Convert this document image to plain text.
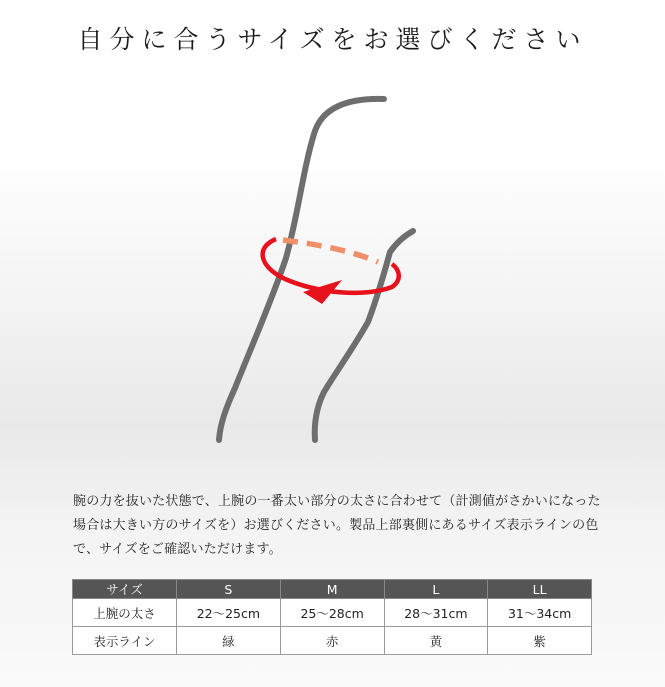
自分に合うサイズをお選びください
腕の力を抜いた状態で、上腕の一番太い部分の太さに合わせて（計測値がさかいになった場合は大きい方のサイズを）お選びください。製品上部裏側にあるサイズ表示ラインの色で、サイズをご確認いただけます。
サイズ	S	M	L	LL
上腕の太さ	22〜25cm	25〜28cm	28〜31cm	31〜34cm
表示ライン	緑	赤	黄	紫
